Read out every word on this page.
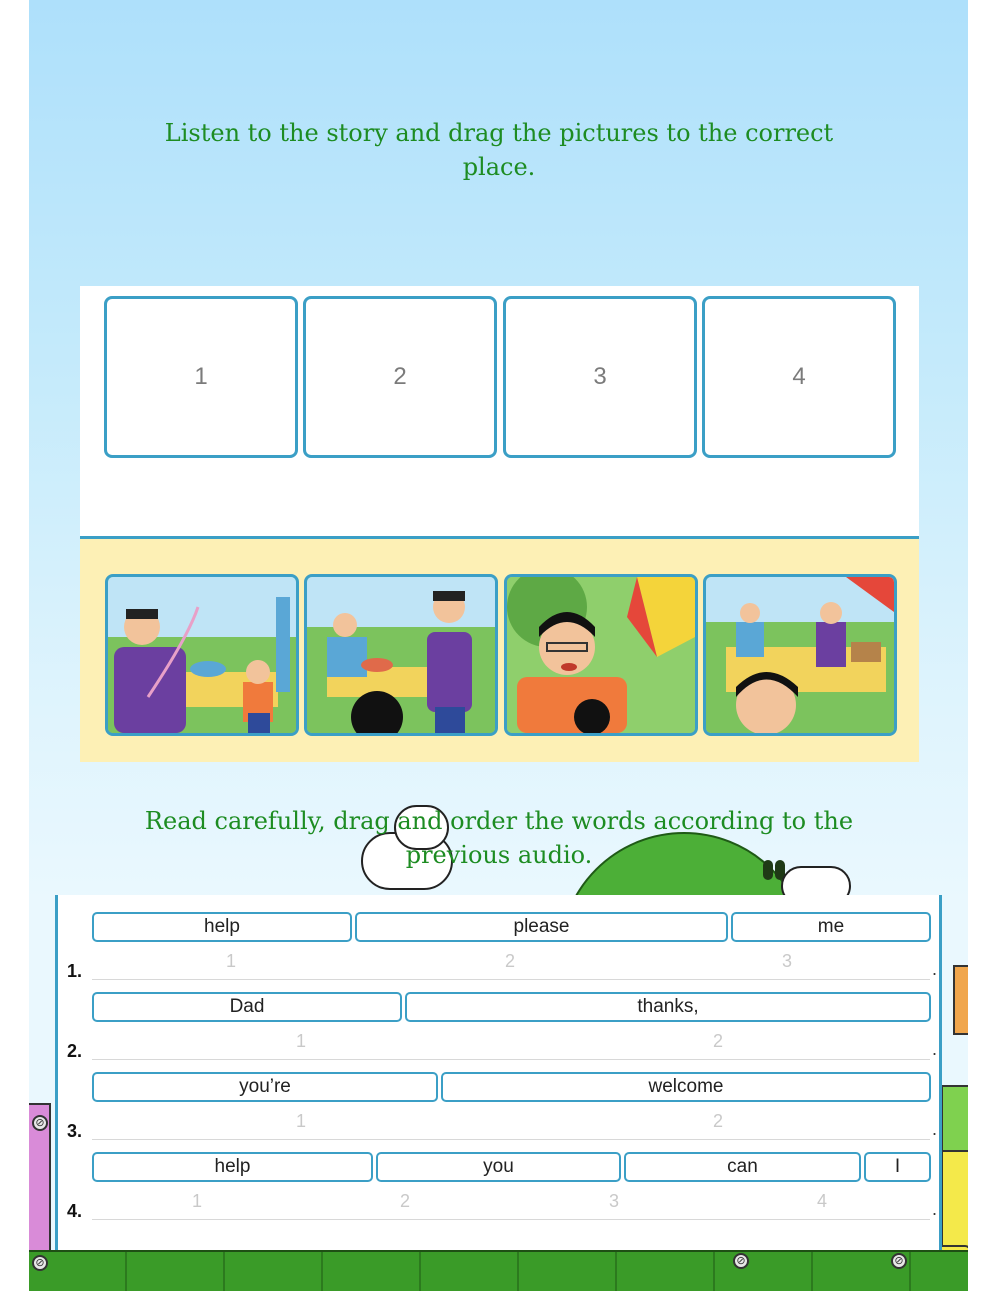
⊘
⊘	⊘	⊘
Listen to the story and drag the pictures to the correct place.
1	2	3	4
Read carefully, drag and order the words according to the previous audio.
help	please	me
1.	1	2	3	.
Dad	thanks,
2.	1	2	.
you’re	welcome
3.	1	2	.
help	you	can	I
4.	1	2	3	4	.
